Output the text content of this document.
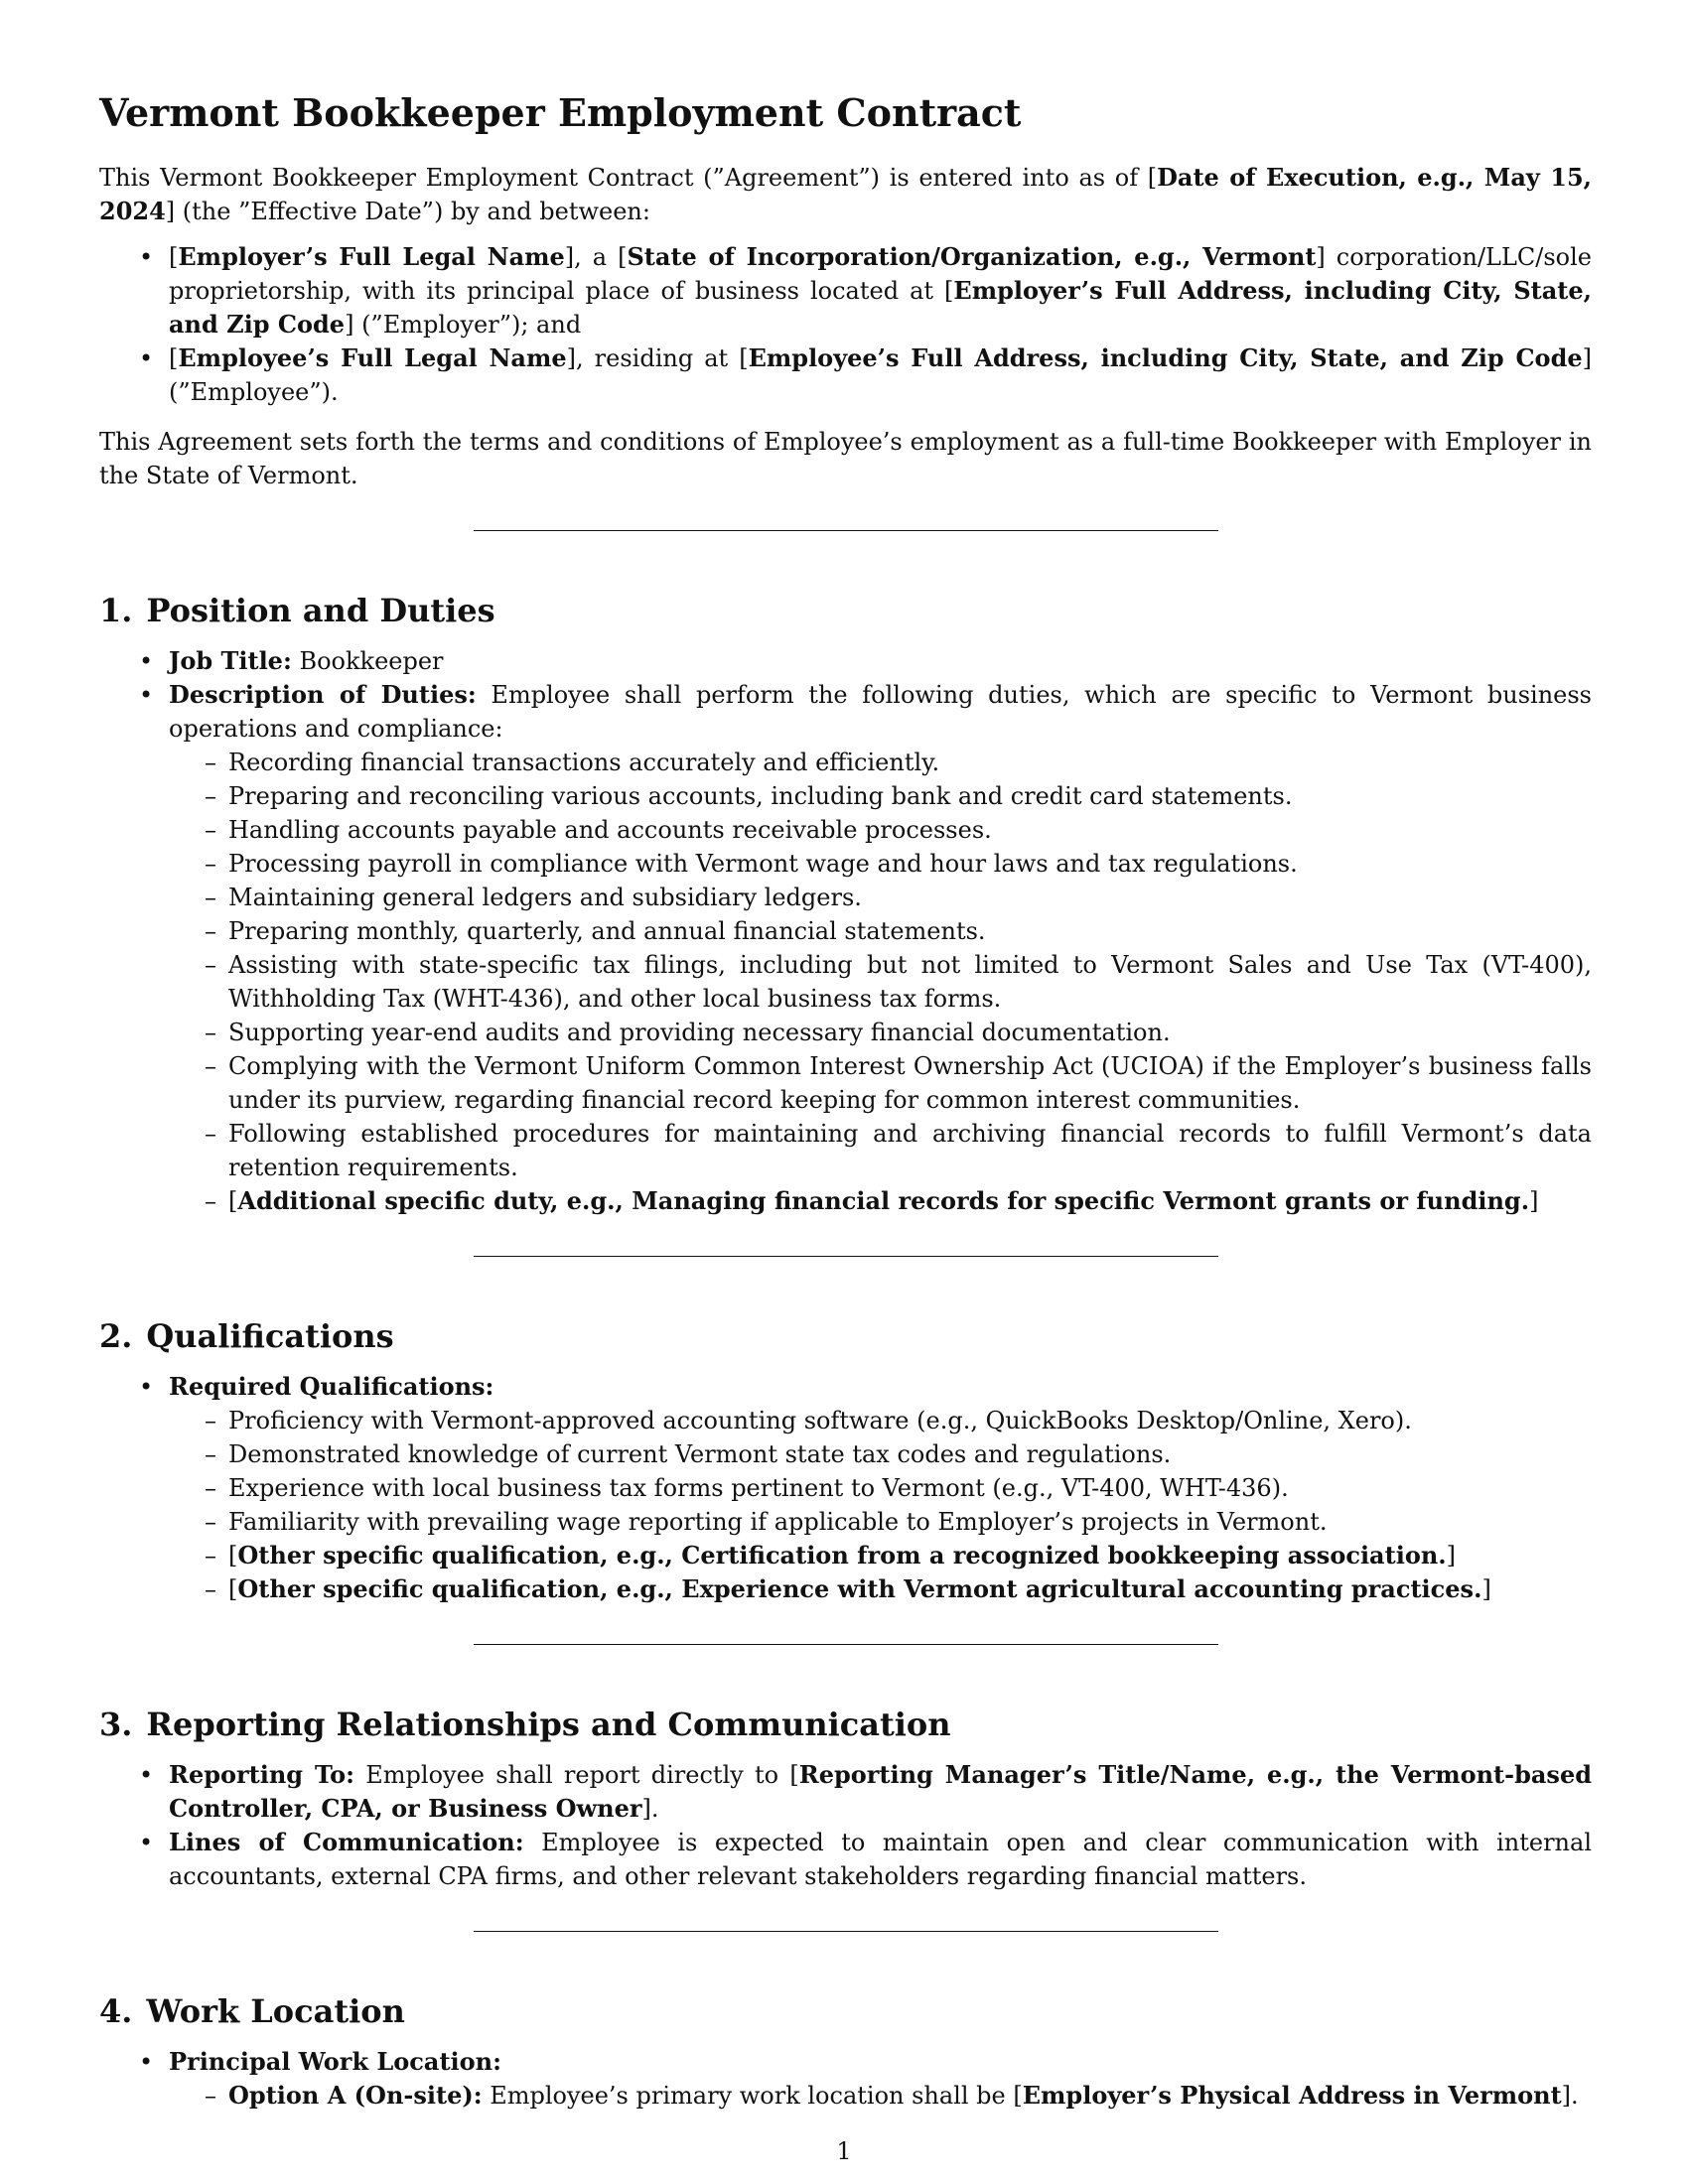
Vermont Bookkeeper Employment Contract

This Vermont Bookkeeper Employment Contract (”Agreement”) is entered into as of [Date of Execution, e.g., May 15, 2024] (the ”Effective Date”) by and between:

• [Employer’s Full Legal Name], a [State of Incorporation/Organization, e.g., Vermont] corporation/LLC/sole proprietorship, with its principal place of business located at [Employer’s Full Address, including City, State, and Zip Code] (”Employer”); and
• [Employee’s Full Legal Name], residing at [Employee’s Full Address, including City, State, and Zip Code] (”Employee”).

This Agreement sets forth the terms and conditions of Employee’s employment as a full-time Bookkeeper with Employer in the State of Vermont.

1. Position and Duties
• Job Title: Bookkeeper
• Description of Duties: Employee shall perform the following duties, which are specific to Vermont business operations and compliance:
– Recording financial transactions accurately and efficiently.
– Preparing and reconciling various accounts, including bank and credit card statements.
– Handling accounts payable and accounts receivable processes.
– Processing payroll in compliance with Vermont wage and hour laws and tax regulations.
– Maintaining general ledgers and subsidiary ledgers.
– Preparing monthly, quarterly, and annual financial statements.
– Assisting with state-specific tax filings, including but not limited to Vermont Sales and Use Tax (VT-400), Withholding Tax (WHT-436), and other local business tax forms.
– Supporting year-end audits and providing necessary financial documentation.
– Complying with the Vermont Uniform Common Interest Ownership Act (UCIOA) if the Employer’s business falls under its purview, regarding financial record keeping for common interest communities.
– Following established procedures for maintaining and archiving financial records to fulfill Vermont’s data retention requirements.
– [Additional specific duty, e.g., Managing financial records for specific Vermont grants or funding.]
2. Qualifications
• Required Qualifications:
– Proficiency with Vermont-approved accounting software (e.g., QuickBooks Desktop/Online, Xero).
– Demonstrated knowledge of current Vermont state tax codes and regulations.
– Experience with local business tax forms pertinent to Vermont (e.g., VT-400, WHT-436).
– Familiarity with prevailing wage reporting if applicable to Employer’s projects in Vermont.
– [Other specific qualification, e.g., Certification from a recognized bookkeeping association.]
– [Other specific qualification, e.g., Experience with Vermont agricultural accounting practices.]
3. Reporting Relationships and Communication
• Reporting To: Employee shall report directly to [Reporting Manager’s Title/Name, e.g., the Vermont-based Controller, CPA, or Business Owner].
• Lines of Communication: Employee is expected to maintain open and clear communication with internal accountants, external CPA firms, and other relevant stakeholders regarding financial matters.
4. Work Location
• Principal Work Location:
– Option A (On-site): Employee’s primary work location shall be [Employer’s Physical Address in Vermont].
1
